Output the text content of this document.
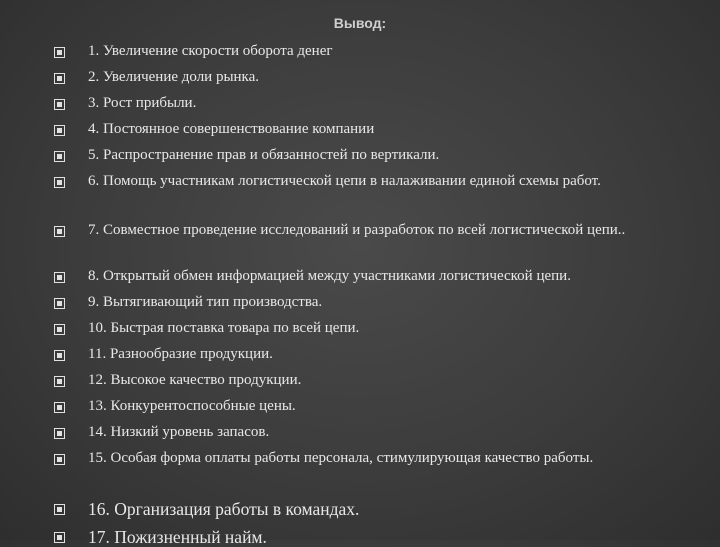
Вывод:
1. Увеличение скорости оборота денег
2. Увеличение доли рынка.
3. Рост прибыли.
4. Постоянное совершенствование компании
5. Распространение прав и обязанностей по вертикали.
6. Помощь участникам логистической цепи в налаживании единой схемы работ.
7. Совместное проведение исследований и разработок по всей логистической цепи..
8. Открытый обмен информацией между участниками логистической цепи.
9. Вытягивающий тип производства.
10. Быстрая поставка товара по всей цепи.
11. Разнообразие продукции.
12. Высокое качество продукции.
13. Конкурентоспособные цены.
14. Низкий уровень запасов.
15. Особая форма оплаты работы персонала, стимулирующая качество работы.
16. Организация работы в командах.
17. Пожизненный найм.
